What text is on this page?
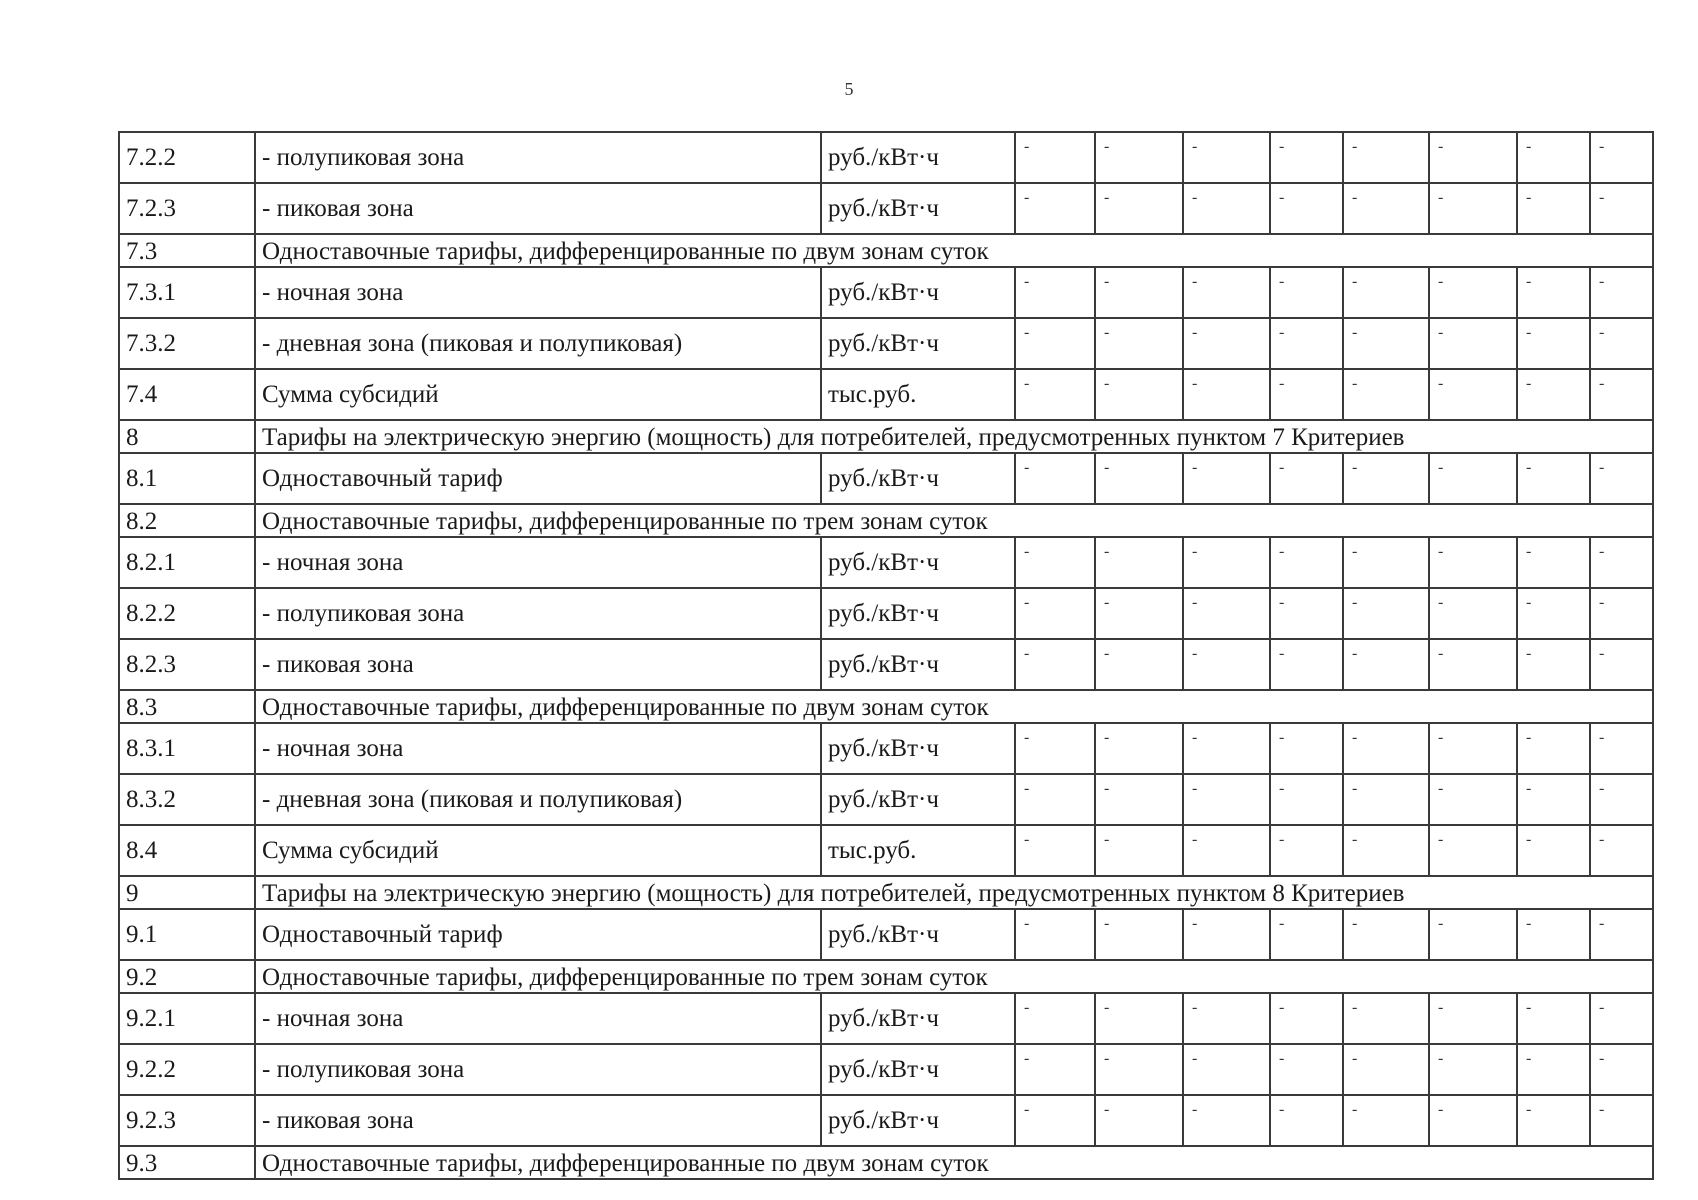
5
7.2.2	- полупиковая зона	руб./кВт·ч	-	-	-	-	-	-	-	-
7.2.3	- пиковая зона	руб./кВт·ч	-	-	-	-	-	-	-	-
7.3	Одноставочные тарифы, дифференцированные по двум зонам суток									
7.3.1	- ночная зона	руб./кВт·ч	-	-	-	-	-	-	-	-
7.3.2	- дневная зона (пиковая и полупиковая)	руб./кВт·ч	-	-	-	-	-	-	-	-
7.4	Сумма субсидий	тыс.руб.	-	-	-	-	-	-	-	-
8	Тарифы на электрическую энергию (мощность) для потребителей, предусмотренных пунктом 7 Критериев									
8.1	Одноставочный тариф	руб./кВт·ч	-	-	-	-	-	-	-	-
8.2	Одноставочные тарифы, дифференцированные по трем зонам суток									
8.2.1	- ночная зона	руб./кВт·ч	-	-	-	-	-	-	-	-
8.2.2	- полупиковая зона	руб./кВт·ч	-	-	-	-	-	-	-	-
8.2.3	- пиковая зона	руб./кВт·ч	-	-	-	-	-	-	-	-
8.3	Одноставочные тарифы, дифференцированные по двум зонам суток									
8.3.1	- ночная зона	руб./кВт·ч	-	-	-	-	-	-	-	-
8.3.2	- дневная зона (пиковая и полупиковая)	руб./кВт·ч	-	-	-	-	-	-	-	-
8.4	Сумма субсидий	тыс.руб.	-	-	-	-	-	-	-	-
9	Тарифы на электрическую энергию (мощность) для потребителей, предусмотренных пунктом 8 Критериев									
9.1	Одноставочный тариф	руб./кВт·ч	-	-	-	-	-	-	-	-
9.2	Одноставочные тарифы, дифференцированные по трем зонам суток									
9.2.1	- ночная зона	руб./кВт·ч	-	-	-	-	-	-	-	-
9.2.2	- полупиковая зона	руб./кВт·ч	-	-	-	-	-	-	-	-
9.2.3	- пиковая зона	руб./кВт·ч	-	-	-	-	-	-	-	-
9.3	Одноставочные тарифы, дифференцированные по двум зонам суток									
